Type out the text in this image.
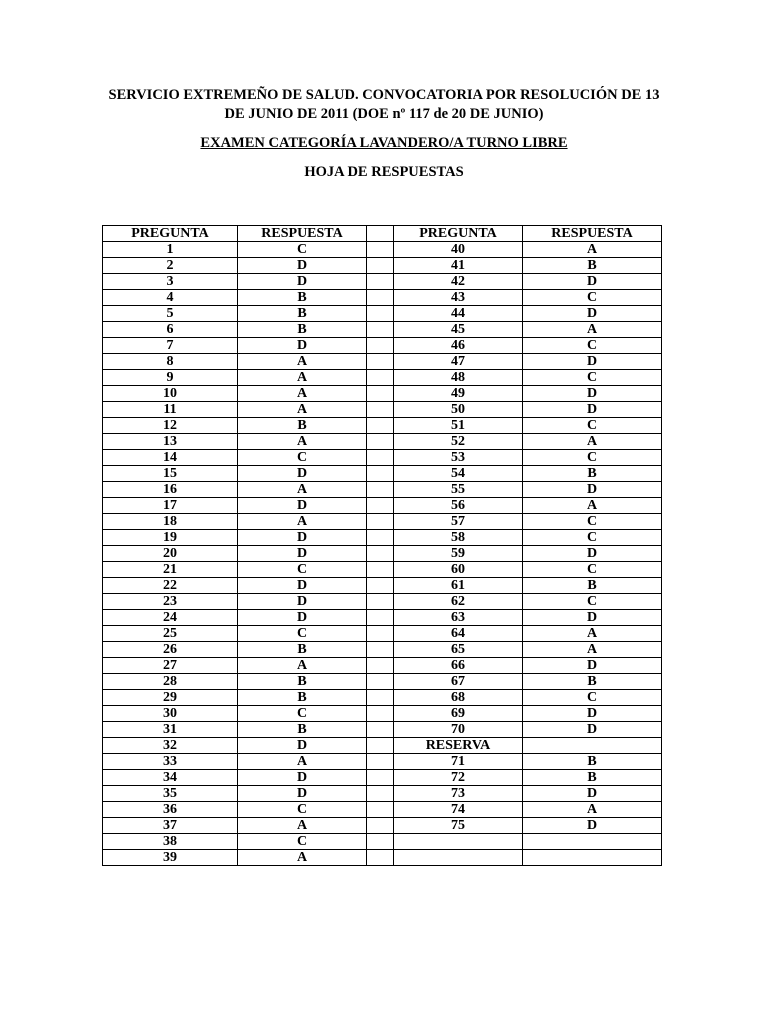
SERVICIO EXTREMEÑO DE SALUD. CONVOCATORIA POR RESOLUCIÓN DE 13 DE JUNIO DE 2011 (DOE nº 117 de 20 DE JUNIO)

EXAMEN CATEGORÍA LAVANDERO/A TURNO LIBRE

HOJA DE RESPUESTAS

PREGUNTA	RESPUESTA		PREGUNTA	RESPUESTA
1	C		40	A
2	D		41	B
3	D		42	D
4	B		43	C
5	B		44	D
6	B		45	A
7	D		46	C
8	A		47	D
9	A		48	C
10	A		49	D
11	A		50	D
12	B		51	C
13	A		52	A
14	C		53	C
15	D		54	B
16	A		55	D
17	D		56	A
18	A		57	C
19	D		58	C
20	D		59	D
21	C		60	C
22	D		61	B
23	D		62	C
24	D		63	D
25	C		64	A
26	B		65	A
27	A		66	D
28	B		67	B
29	B		68	C
30	C		69	D
31	B		70	D
32	D		RESERVA	
33	A		71	B
34	D		72	B
35	D		73	D
36	C		74	A
37	A		75	D
38	C			
39	A			
